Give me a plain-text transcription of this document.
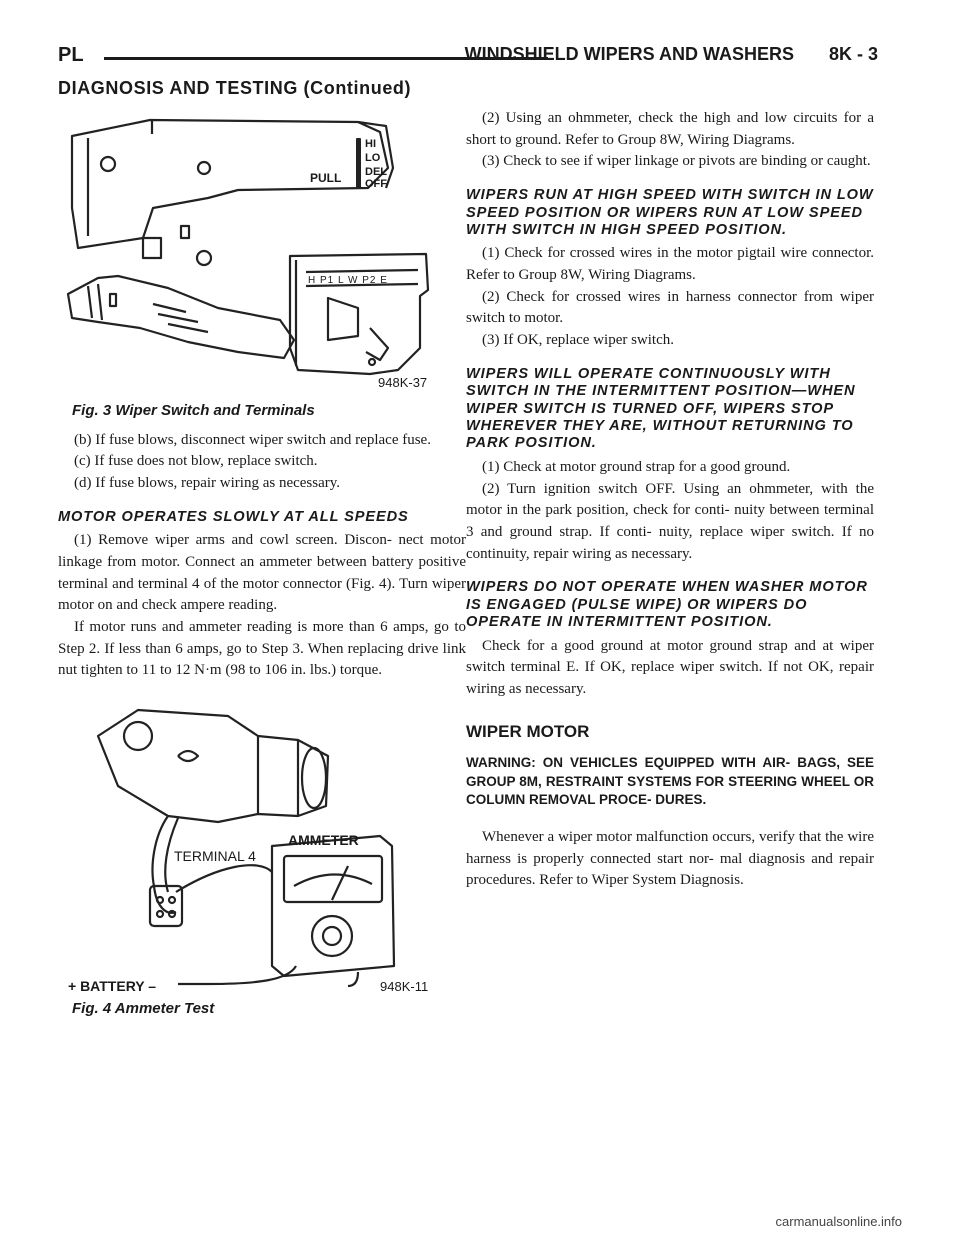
PL	WINDSHIELD WIPERS AND WASHERS 8K - 3
DIAGNOSIS AND TESTING (Continued)
HI
LO
DEL
OFF
PULL
H P1 L W P2 E
948K-37

Fig. 3 Wiper Switch and Terminals

(b) If fuse blows, disconnect wiper switch and replace fuse.

(c) If fuse does not blow, replace switch.

(d) If fuse blows, repair wiring as necessary.

MOTOR OPERATES SLOWLY AT ALL SPEEDS

(1) Remove wiper arms and cowl screen. Discon- nect motor linkage from motor. Connect an ammeter between battery positive terminal and terminal 4 of the motor connector (Fig. 4). Turn wiper motor on and check ampere reading.

If motor runs and ammeter reading is more than 6 amps, go to Step 2. If less than 6 amps, go to Step 3. When replacing drive link nut tighten to 11 to 12 N·m (98 to 106 in. lbs.) torque.

TERMINAL 4
AMMETER
+ BATTERY –	948K-11

Fig. 4 Ammeter Test

(2) Using an ohmmeter, check the high and low circuits for a short to ground. Refer to Group 8W, Wiring Diagrams.

(3) Check to see if wiper linkage or pivots are binding or caught.

WIPERS RUN AT HIGH SPEED WITH SWITCH IN LOW SPEED POSITION OR WIPERS RUN AT LOW SPEED WITH SWITCH IN HIGH SPEED POSITION.

(1) Check for crossed wires in the motor pigtail wire connector. Refer to Group 8W, Wiring Diagrams.

(2) Check for crossed wires in harness connector from wiper switch to motor.

(3) If OK, replace wiper switch.

WIPERS WILL OPERATE CONTINUOUSLY WITH SWITCH IN THE INTERMITTENT POSITION—WHEN WIPER SWITCH IS TURNED OFF, WIPERS STOP WHEREVER THEY ARE, WITHOUT RETURNING TO PARK POSITION.

(1) Check at motor ground strap for a good ground.

(2) Turn ignition switch OFF. Using an ohmmeter, with the motor in the park position, check for conti- nuity between terminal 3 and ground strap. If conti- nuity, replace wiper switch. If no continuity, repair wiring as necessary.

WIPERS DO NOT OPERATE WHEN WASHER MOTOR IS ENGAGED (PULSE WIPE) OR WIPERS DO OPERATE IN INTERMITTENT POSITION.

Check for a good ground at motor ground strap and at wiper switch terminal E. If OK, replace wiper switch. If not OK, repair wiring as necessary.

WIPER MOTOR

WARNING: ON VEHICLES EQUIPPED WITH AIR- BAGS, SEE GROUP 8M, RESTRAINT SYSTEMS FOR STEERING WHEEL OR COLUMN REMOVAL PROCE- DURES.

Whenever a wiper motor malfunction occurs, verify that the wire harness is properly connected start nor- mal diagnosis and repair procedures. Refer to Wiper System Diagnosis.

carmanualsonline.info
